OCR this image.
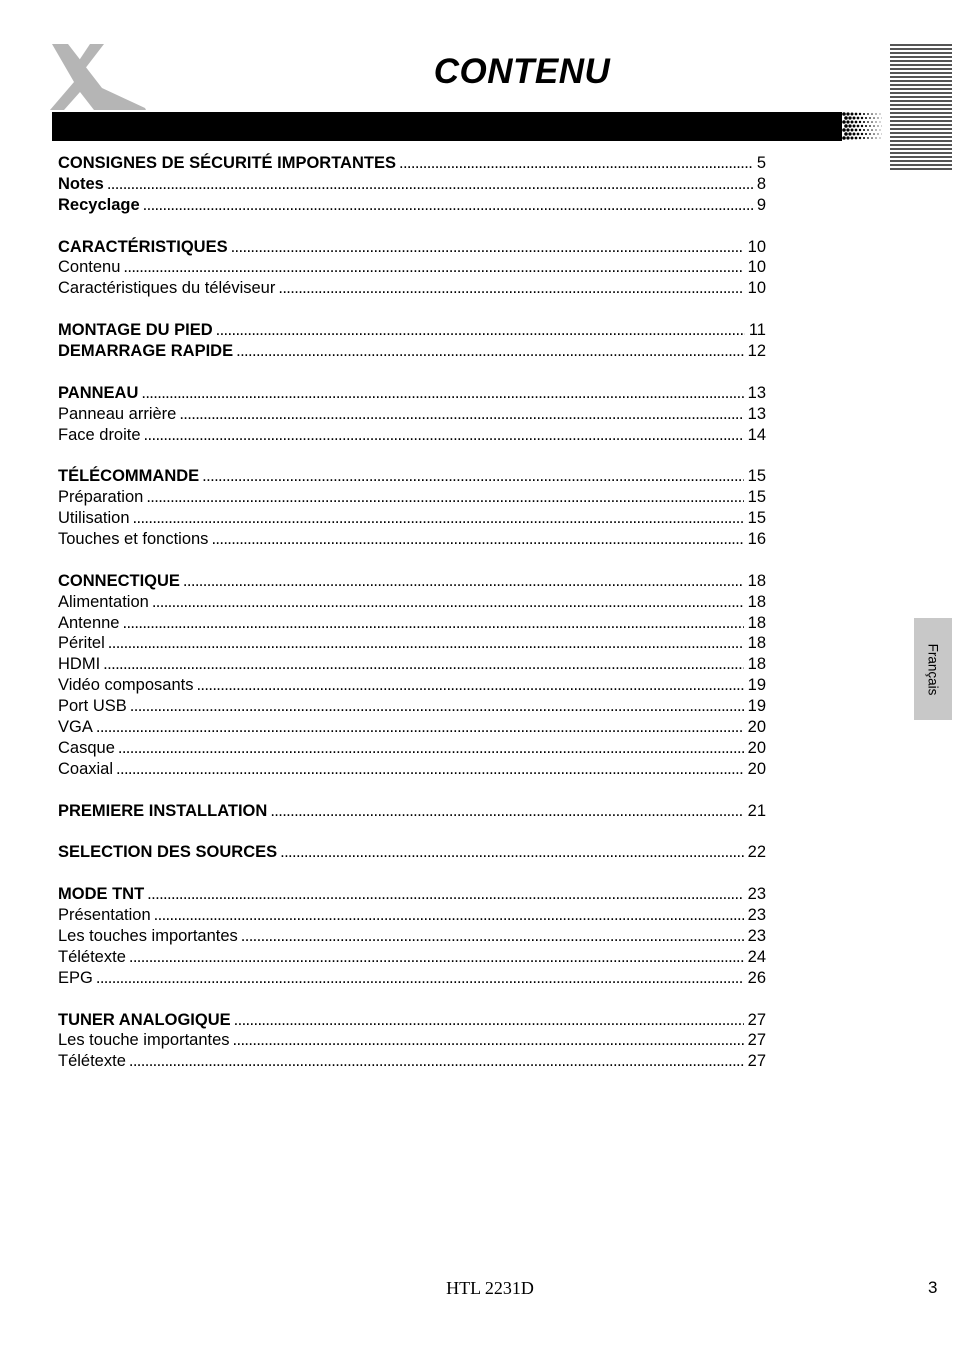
CONTENU
CONSIGNES DE SÉCURITÉ IMPORTANTES . . .	5
Notes . . .	8
Recyclage . . .	9
CARACTÉRISTIQUES . . .	10
Contenu . . .	10
Caractéristiques du téléviseur . . .	10
MONTAGE DU PIED . . .	11
DEMARRAGE RAPIDE . . .	12
PANNEAU . . .	13
Panneau arrière . . .	13
Face droite . . .	14
TÉLÉCOMMANDE . . .	15
Préparation . . .	15
Utilisation . . .	15
Touches et fonctions . . .	16
CONNECTIQUE . . .	18
Alimentation . . .	18
Antenne . . .	18
Péritel . . .	18
HDMI . . .	18
Vidéo composants . . .	19
Port USB . . .	19
VGA . . .	20
Casque . . .	20
Coaxial . . .	20
PREMIERE INSTALLATION . . .	21
SELECTION DES SOURCES . . .	22
MODE TNT . . .	23
Présentation . . .	23
Les touches importantes . . .	23
Télétexte . . .	24
EPG . . .	26
TUNER ANALOGIQUE . . .	27
Les touche importantes . . .	27
Télétexte . . .	27
Français
HTL 2231D	3
